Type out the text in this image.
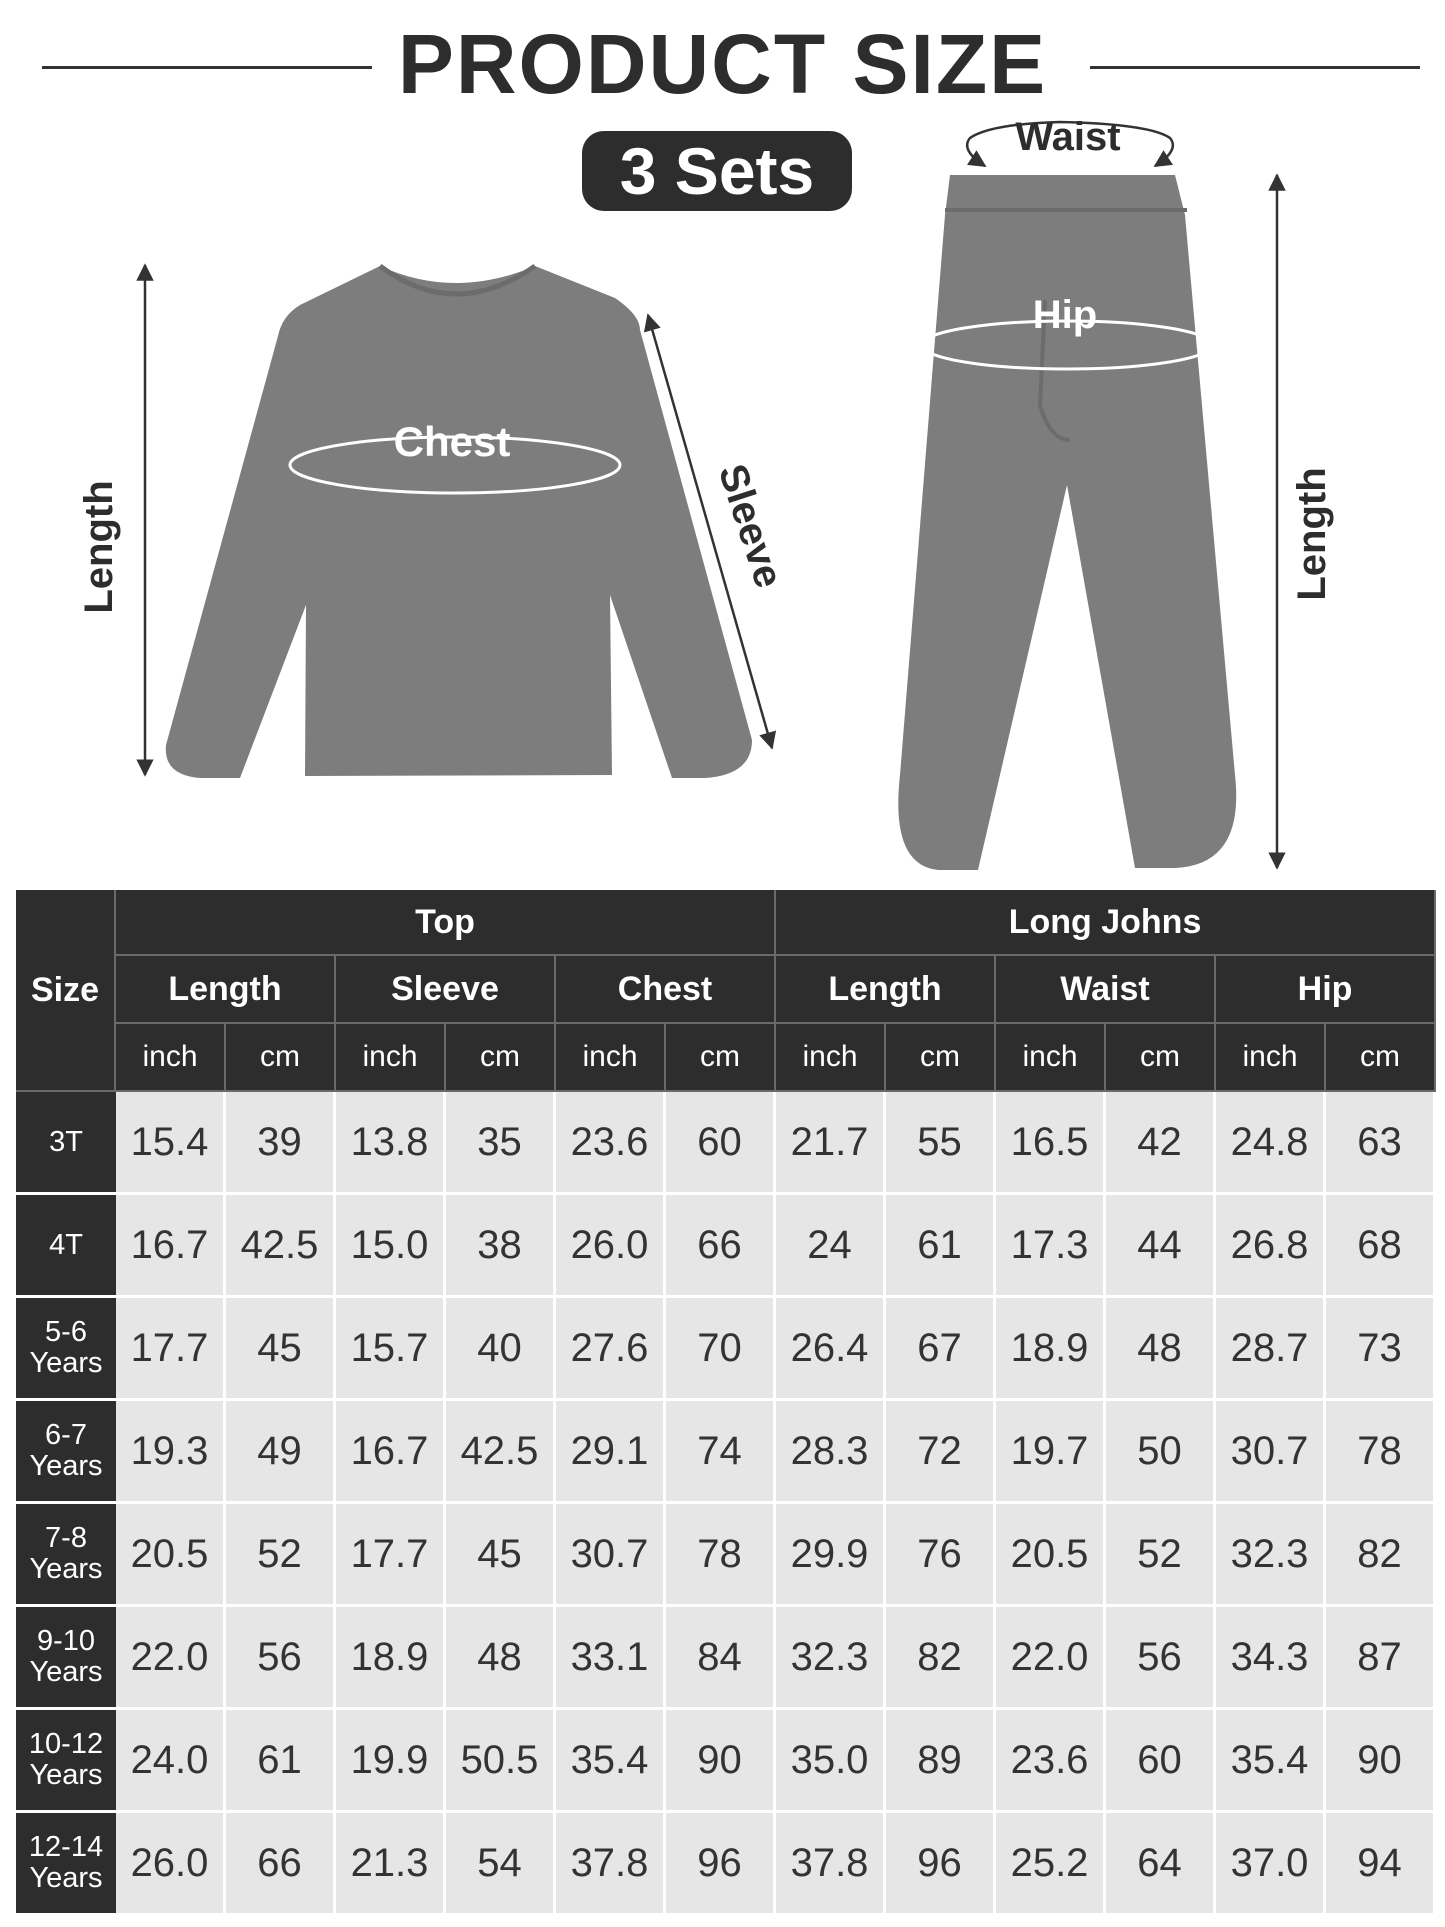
PRODUCT SIZE
3 Sets
Length
Chest
Sleeve
Waist
Hip
Length
Size	Top						Long Johns					
	Length		Sleeve		Chest		Length		Waist		Hip	
	inch	cm	inch	cm	inch	cm	inch	cm	inch	cm	inch	cm

3T	15.4	39	13.8	35	23.6	60	21.7	55	16.5	42	24.8	63

4T	16.7	42.5	15.0	38	26.0	66	24	61	17.3	44	26.8	68

5-6
Years	17.7	45	15.7	40	27.6	70	26.4	67	18.9	48	28.7	73

6-7
Years	19.3	49	16.7	42.5	29.1	74	28.3	72	19.7	50	30.7	78

7-8
Years	20.5	52	17.7	45	30.7	78	29.9	76	20.5	52	32.3	82

9-10
Years	22.0	56	18.9	48	33.1	84	32.3	82	22.0	56	34.3	87

10-12
Years	24.0	61	19.9	50.5	35.4	90	35.0	89	23.6	60	35.4	90

12-14
Years	26.0	66	21.3	54	37.8	96	37.8	96	25.2	64	37.0	94
